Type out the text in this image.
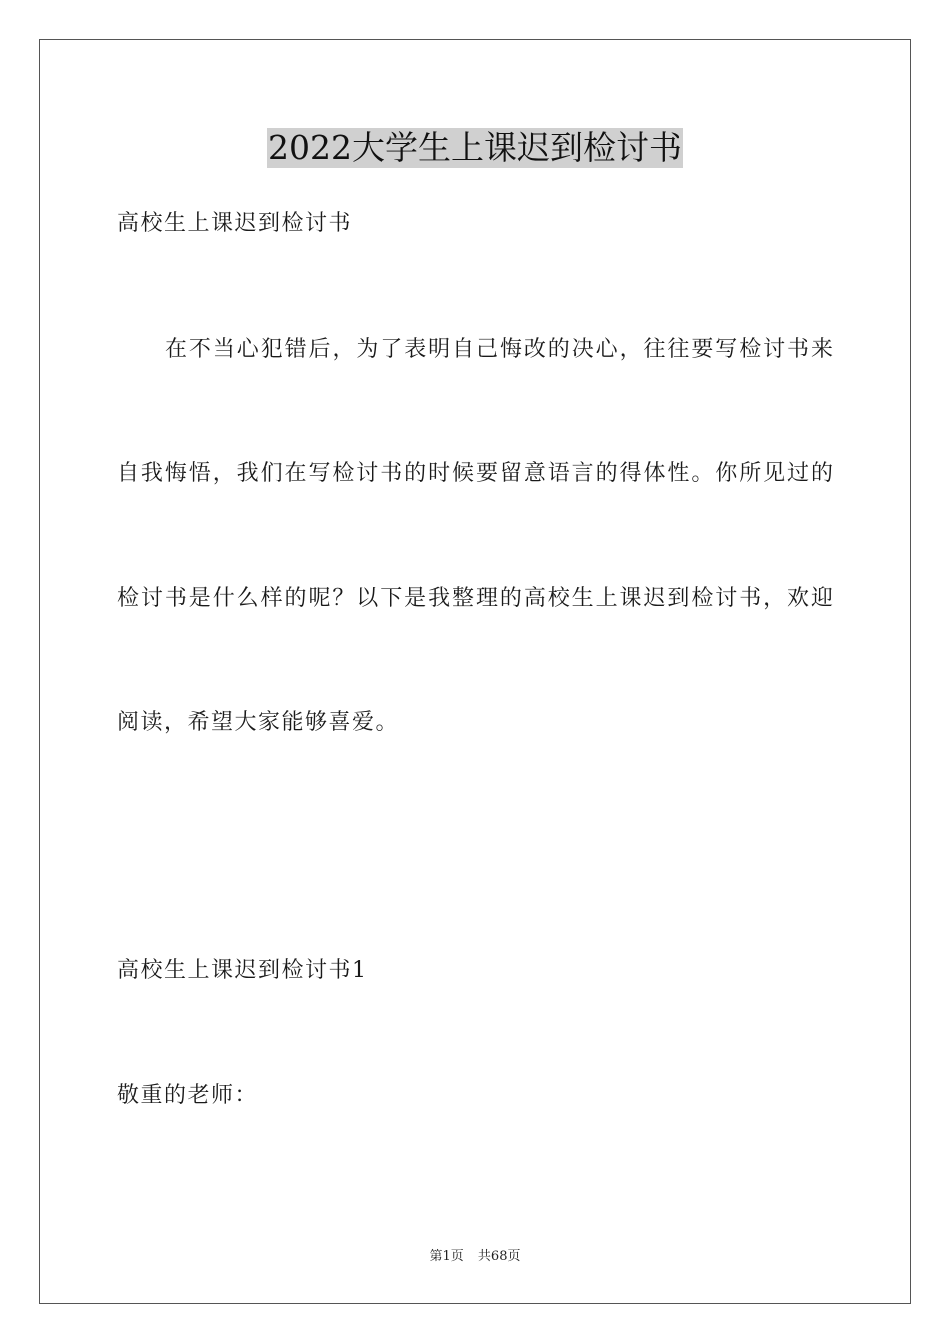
2022大学生上课迟到检讨书
高校生上课迟到检讨书
在不当心犯错后，为了表明自己悔改的决心，往往要写检讨书来
自我悔悟，我们在写检讨书的时候要留意语言的得体性。你所见过的
检讨书是什么样的呢？以下是我整理的高校生上课迟到检讨书，欢迎
阅读，希望大家能够喜爱。
高校生上课迟到检讨书1
敬重的老师：
第1页 共68页
